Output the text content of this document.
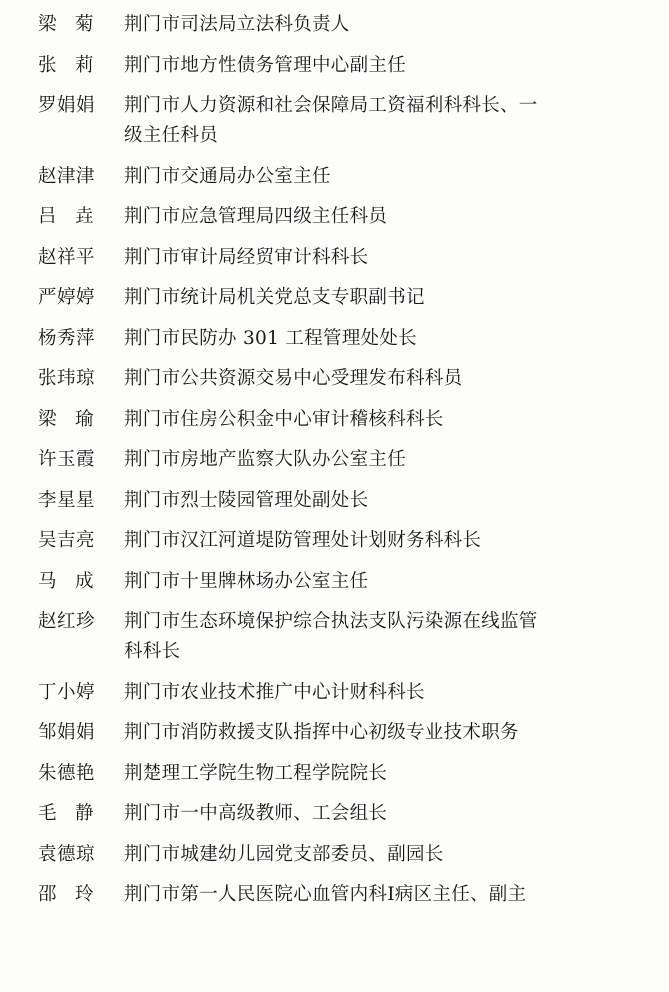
梁　菊	荆门市司法局立法科负责人
张　莉	荆门市地方性债务管理中心副主任
罗娟娟	荆门市人力资源和社会保障局工资福利科科长、一
级主任科员
赵津津	荆门市交通局办公室主任
吕　垚	荆门市应急管理局四级主任科员
赵祥平	荆门市审计局经贸审计科科长
严婷婷	荆门市统计局机关党总支专职副书记
杨秀萍	荆门市民防办 301 工程管理处处长
张玮琼	荆门市公共资源交易中心受理发布科科员
梁　瑜	荆门市住房公积金中心审计稽核科科长
许玉霞	荆门市房地产监察大队办公室主任
李星星	荆门市烈士陵园管理处副处长
吴吉亮	荆门市汉江河道堤防管理处计划财务科科长
马　成	荆门市十里牌林场办公室主任
赵红珍	荆门市生态环境保护综合执法支队污染源在线监管
科科长
丁小婷	荆门市农业技术推广中心计财科科长
邹娟娟	荆门市消防救援支队指挥中心初级专业技术职务
朱德艳	荆楚理工学院生物工程学院院长
毛　静	荆门市一中高级教师、工会组长
袁德琼	荆门市城建幼儿园党支部委员、副园长
邵　玲	荆门市第一人民医院心血管内科Ⅰ病区主任、副主
